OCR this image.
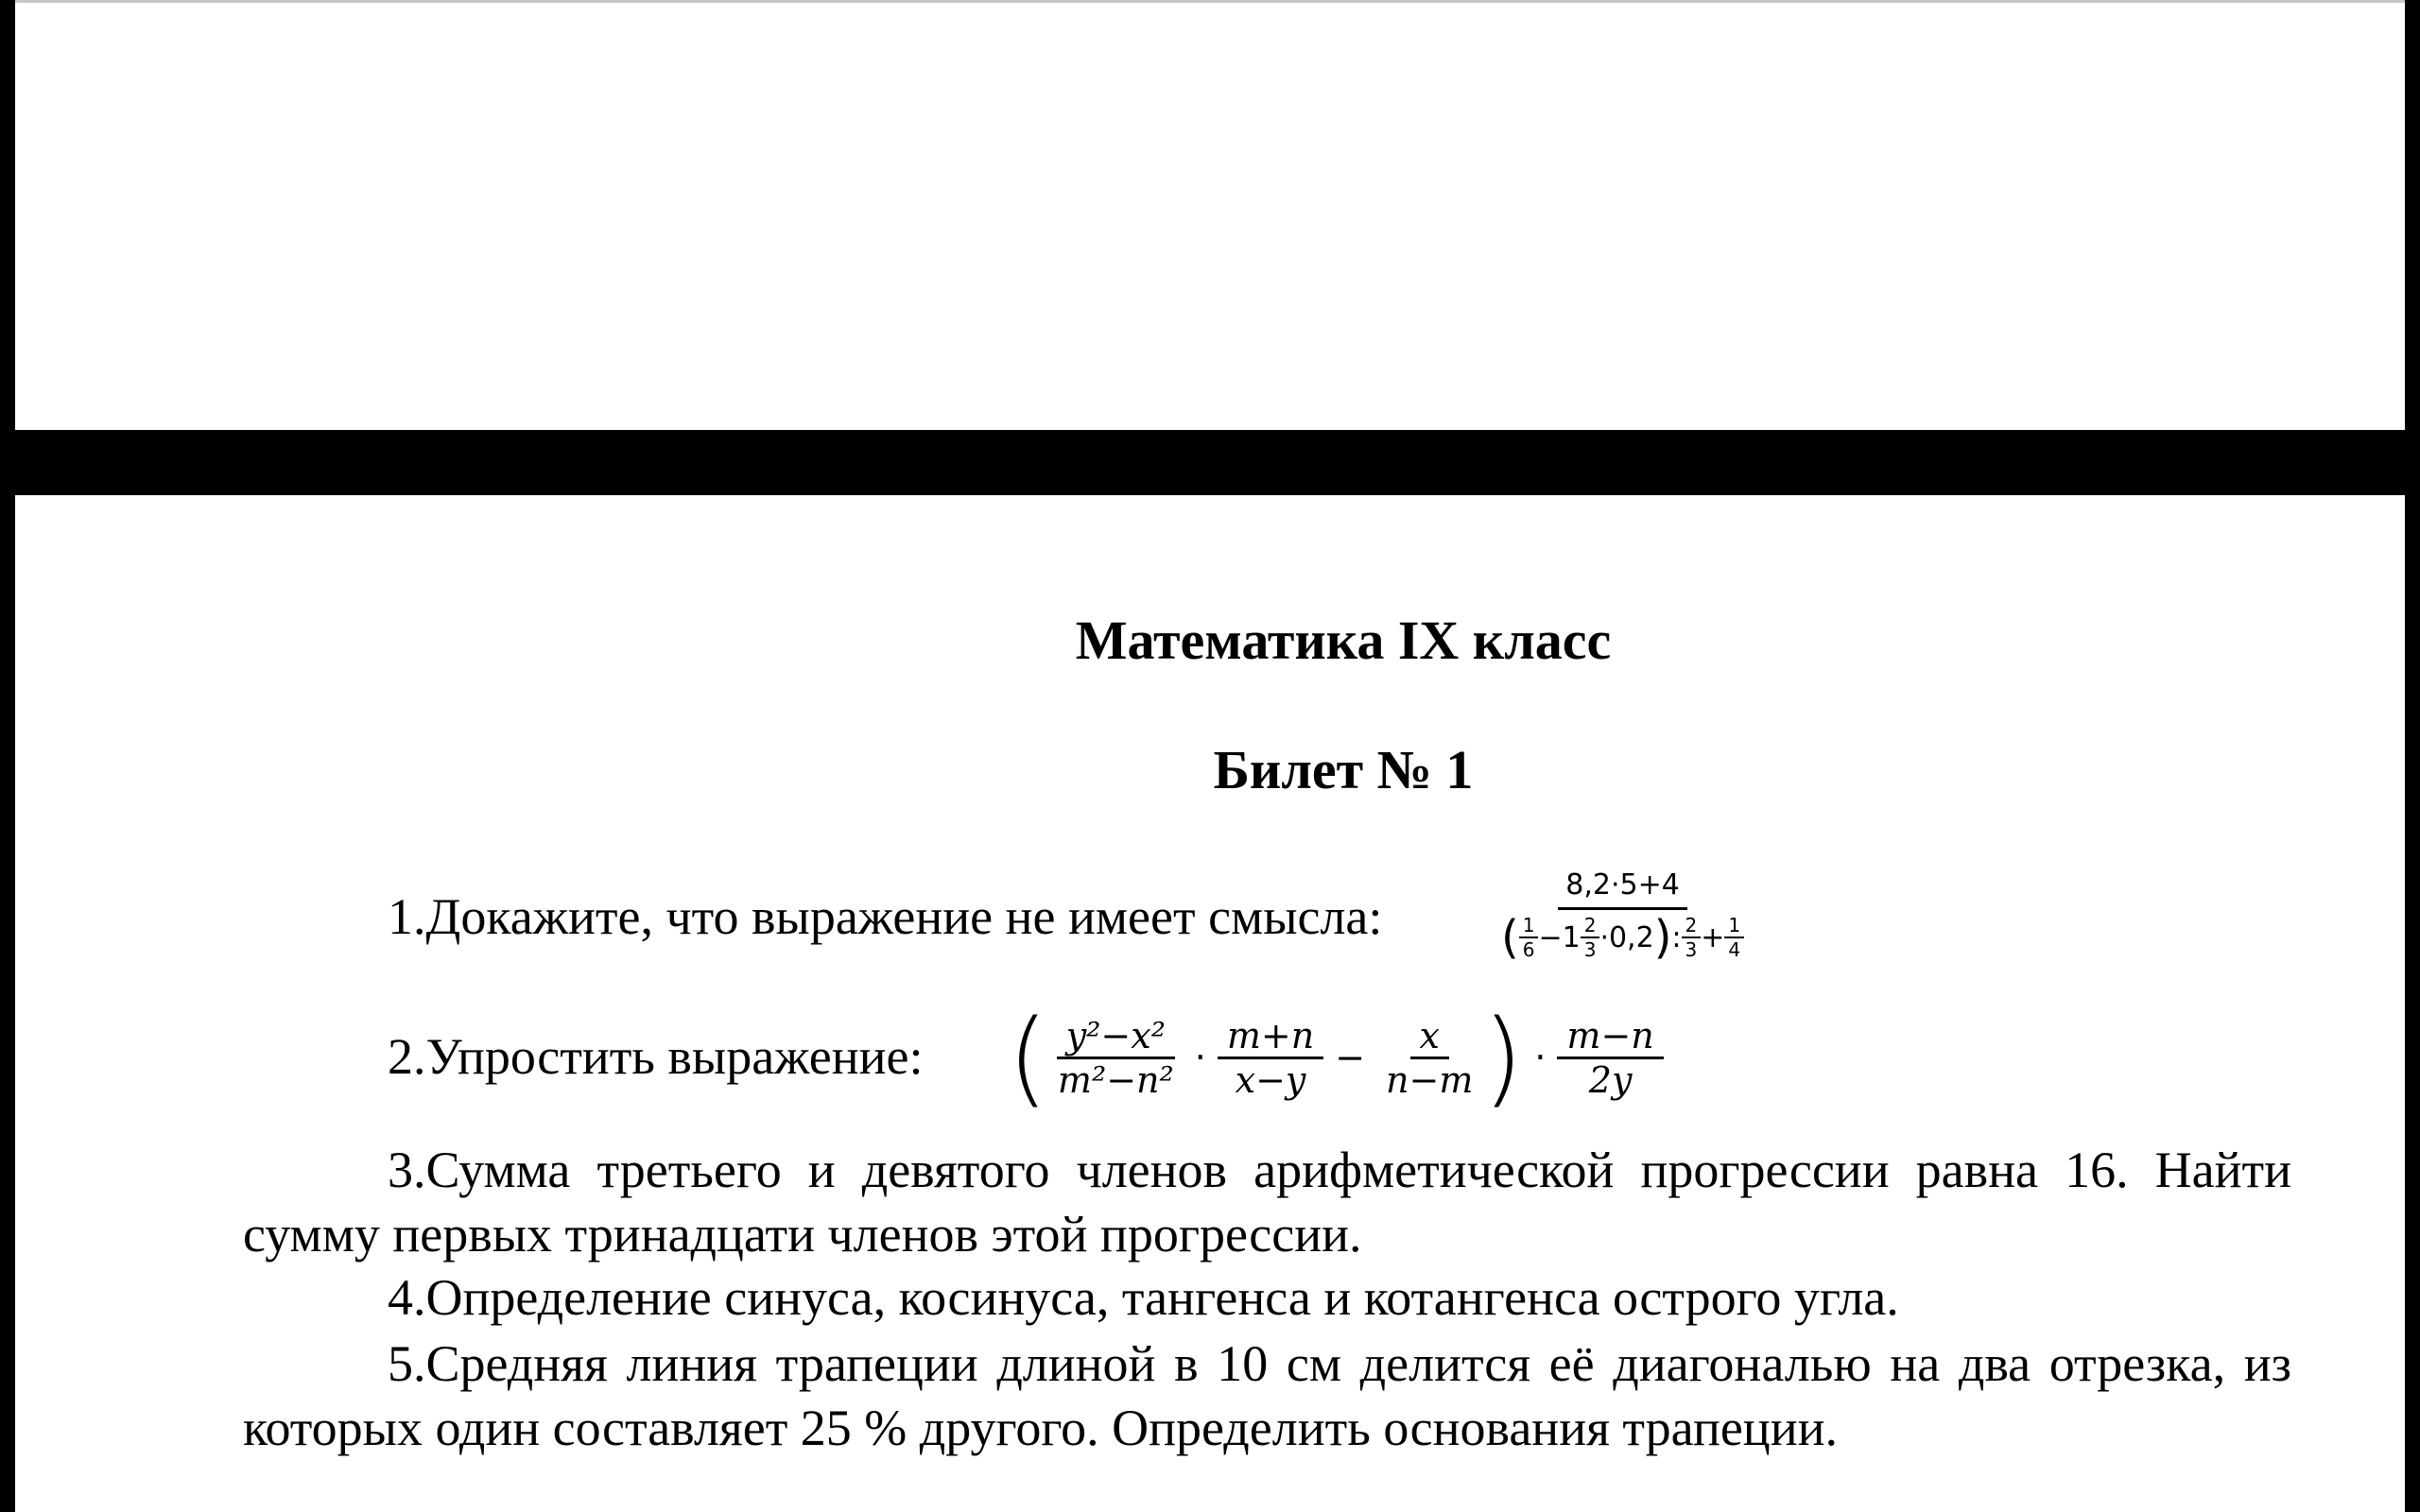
Математика IX класс
Билет № 1
1.Докажите, что выражение не имеет смысла:
8,2·5+4
( $\frac{1}{6} -1 \frac{2}{3} \cdot 0,2$ ) : $\frac{2}{3} + \frac{1}{4}$
2.Упростить выражение: ( $\frac{\text{y²−x²}}{\text{m²−n²}} \cdot \frac{m+n}{x-y} - \frac{x}{n-m}$ ) · $\frac{m-n}{2y}$
3.Сумма третьего и девятого членов арифметической прогрессии равна 16. Найти сумму первых тринадцати членов этой прогрессии.
4.Определение синуса, косинуса, тангенса и котангенса острого угла.
5.Средняя линия трапеции длиной в 10 см делится её диагональю на два отрезка, из которых один составляет 25 % другого. Определить основания трапеции.
